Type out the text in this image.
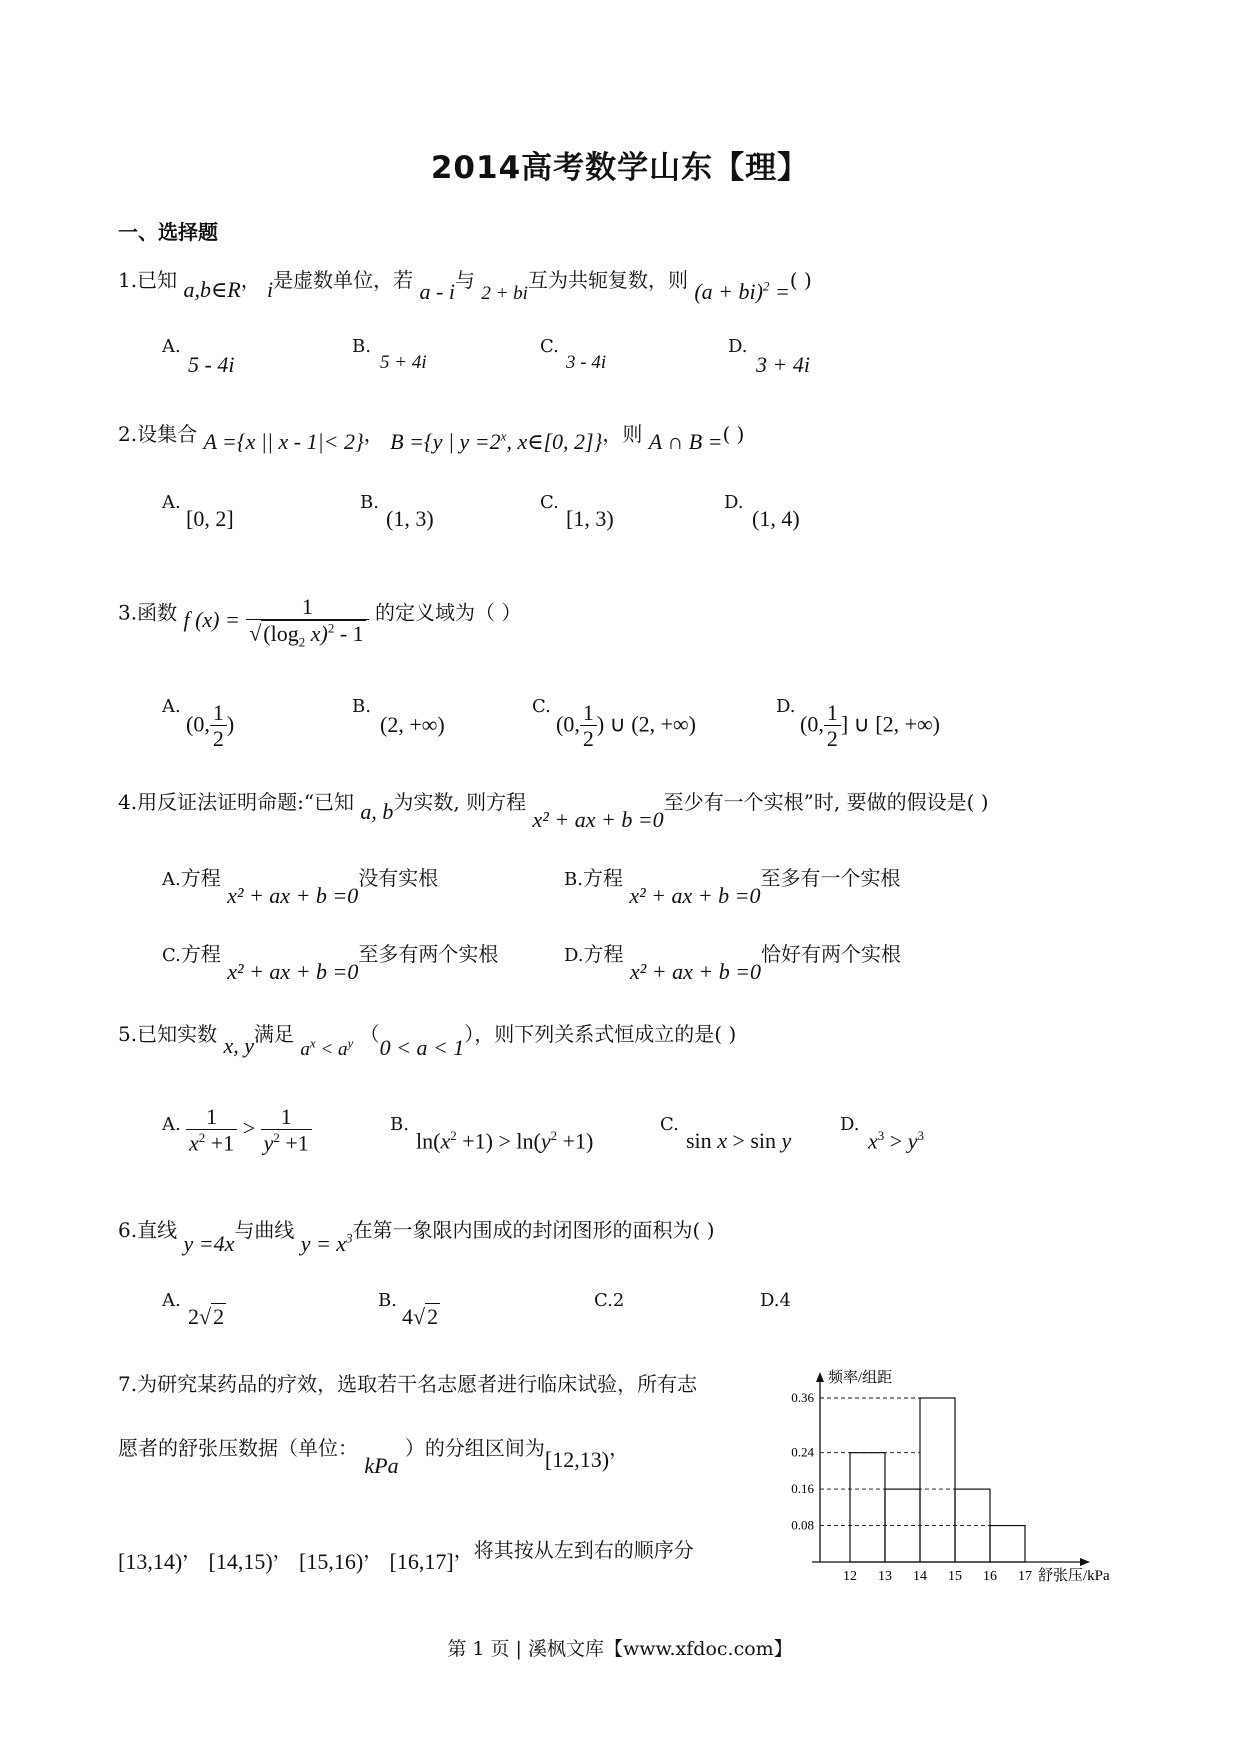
2014高考数学山东【理】
一、选择题
1.已知 a,b∈R， i是虚数单位，若 a - i与 2 + bi互为共轭复数，则 (a + bi)$^2$ =( )
A.
5 - 4i
B.
5 + 4i
C.
3 - 4i
D.
3 + 4i
2.设集合 A ={x || x - 1|< 2}， B ={y | $y =2^x$, x∈[0, 2]}，则 A ∩ B =( )
A.
[0, 2]
B.
(1, 3)
C.
[1, 3)
D.
(1, 4)
3.函数 f $(x) = \frac{1}{√(\log_2 x)^2 - 1}$ 的定义域为（ ）
A.
(0, $\frac{1}{2}$ )
B.
(2, +∞)
C.
(0, $\frac{1}{2}$ ) ∪ (2, +∞)
D.
(0, $\frac{1}{2}$ ] ∪ [2, +∞)
4.用反证法证明命题:“已知 a, b为实数, 则方程 x² + ax + b =0至少有一个实根”时, 要做的假设是( )
A.方程 x² + ax + b =0没有实根	B.方程 x² + ax + b =0至多有一个实根
C.方程 x² + ax + b =0至多有两个实根	D.方程 x² + ax + b =0恰好有两个实根
5.已知实数 x, y满足 $a^x < a^y$ （0 < a < 1），则下列关系式恒成立的是( )
A. $\frac{1}{x^2 +1} > \frac{1}{y^2 +1}$	B.
$\ln(x^2 +1) > \ln(y^2 +1)$
C.
sin x > sin y
D.
$x^3 > y^3$
6.直线 y =4x与曲线 $y = x^3$在第一象限内围成的封闭图形的面积为( )
A.
2√2
B.
4√2
C.2	D.4
7.为研究某药品的疗效，选取若干名志愿者进行临床试验，所有志
愿者的舒张压数据（单位： kPa ）的分组区间为[12,13)，
[13,14)， [14,15)， [15,16)， [16,17]，将其按从左到右的顺序分
频率/组距
0.36
0.24
0.16
0.08
12 13 14 15 16 17 舒张压/kPa
第 1 页 | 溪枫文库【www.xfdoc.com】
